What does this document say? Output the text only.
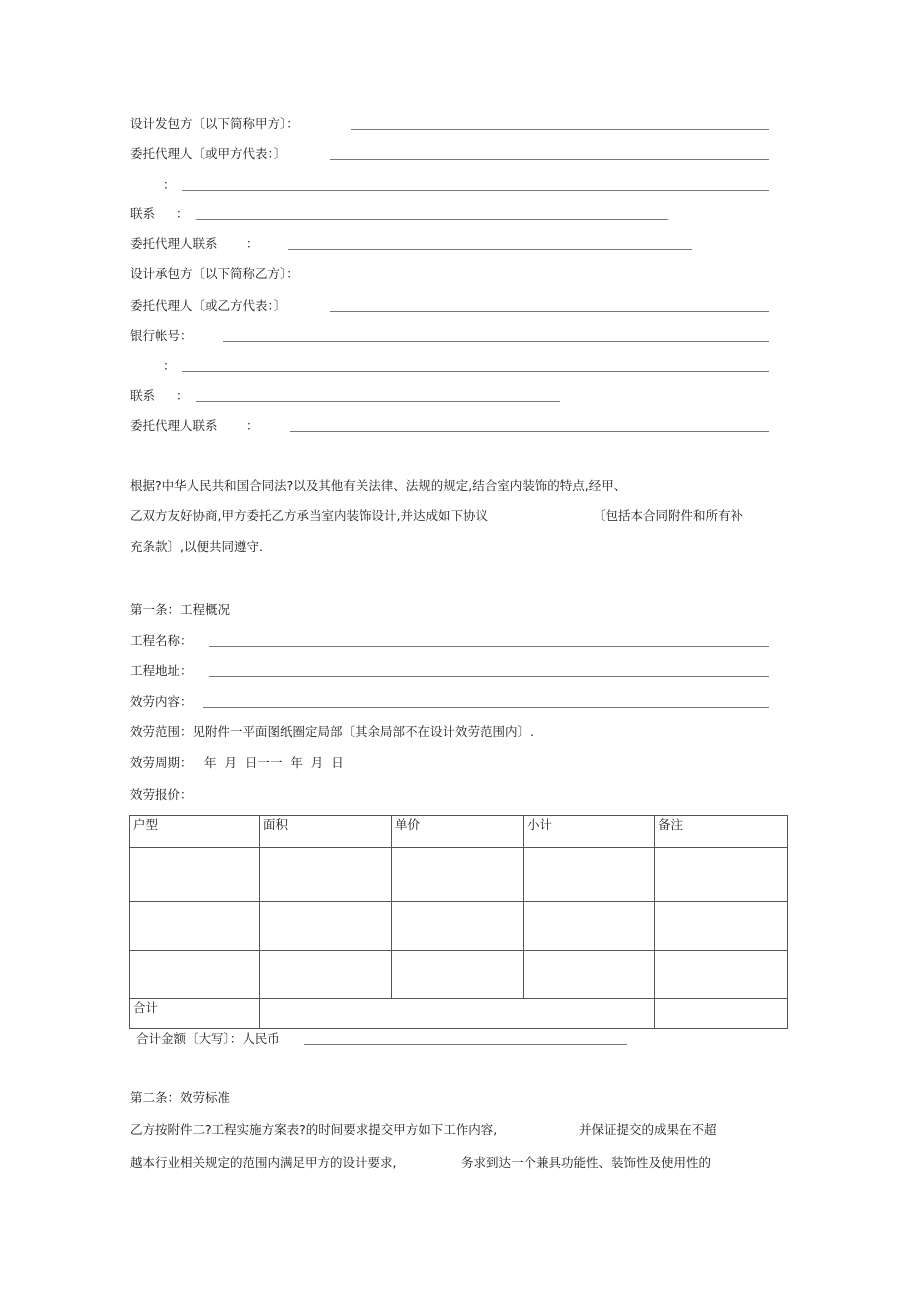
设计发包方〔以下简称甲方〕：
委托代理人〔或甲方代表：〕
：
联系 ：
委托代理人联系 ：
设计承包方〔以下简称乙方〕：
委托代理人〔或乙方代表：〕
银行帐号：
：
联系 ：
委托代理人联系 ：
根据?中华人民共和国合同法?以及其他有关法律、法规的规定,结合室内装饰的特点,经甲、
乙双方友好协商,甲方委托乙方承当室内装饰设计,并达成如下协议	〔包括本合同附件和所有补
充条款〕,以便共同遵守.
第一条：工程概况
工程名称：
工程地址：
效劳内容：
效劳范围：见附件一平面图纸圈定局部〔其余局部不在设计效劳范围内〕.
效劳周期： 年  月  日一一  年  月  日
效劳报价：
户型	面积	单价	小计	备注

合计				
合计金额〔大写〕：人民币
第二条：效劳标准
乙方按附件二?工程实施方案表?的时间要求提交甲方如下工作内容,	并保证提交的成果在不超
越本行业相关规定的范围内满足甲方的设计要求,	务求到达一个兼具功能性、装饰性及使用性的
